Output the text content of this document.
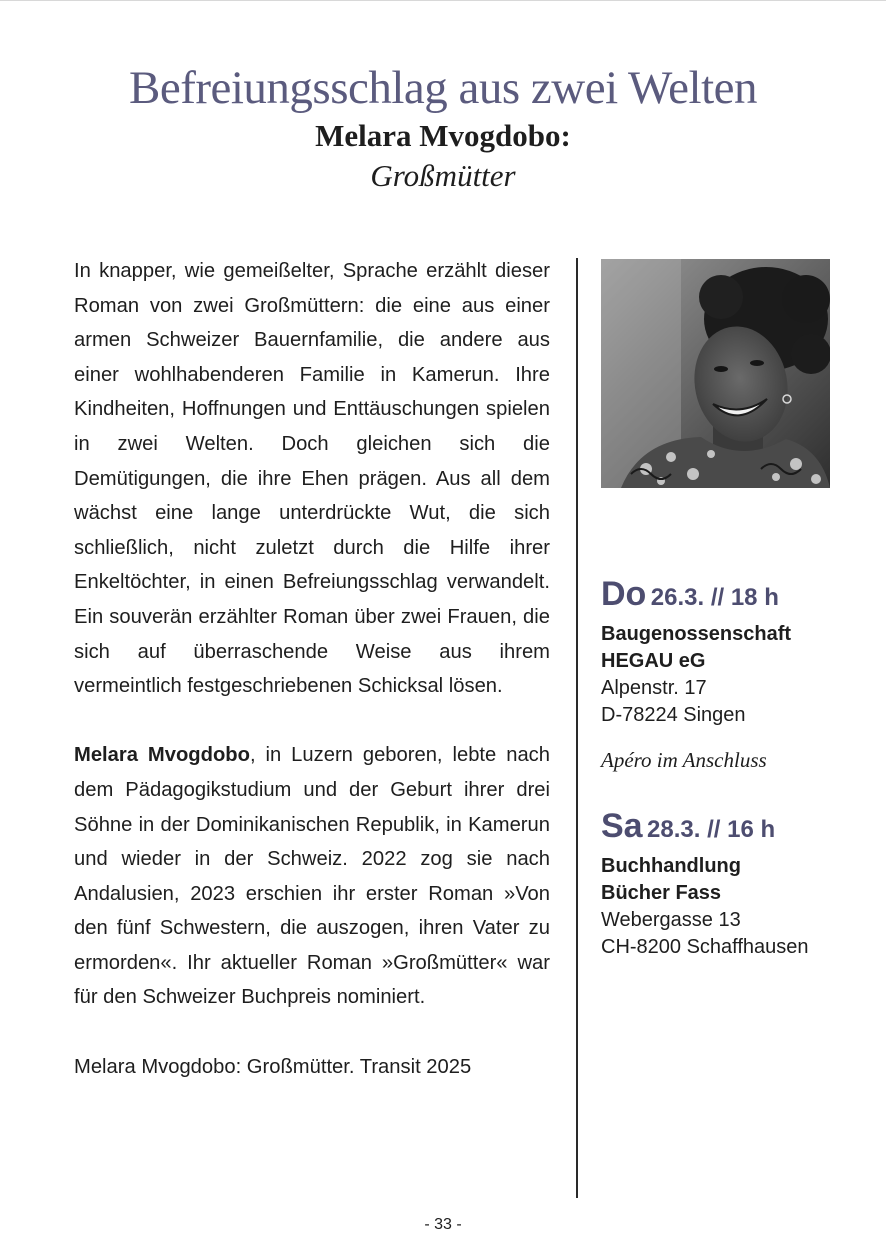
Befreiungsschlag aus zwei Welten
Melara Mvogdobo:
Großmütter

In knapper, wie gemeißelter, Sprache erzählt dieser Roman von zwei Großmüttern: die eine aus einer armen Schweizer Bauernfamilie, die andere aus einer wohlhabenderen Familie in Kamerun. Ihre Kindheiten, Hoffnungen und Enttäuschungen spielen in zwei Welten. Doch gleichen sich die Demütigungen, die ihre Ehen prägen. Aus all dem wächst eine lange unterdrückte Wut, die sich schließlich, nicht zuletzt durch die Hilfe ihrer Enkeltöchter, in einen Befreiungsschlag verwandelt. Ein souverän erzählter Roman über zwei Frauen, die sich auf überraschende Weise aus ihrem vermeintlich festgeschriebenen Schicksal lösen.

Melara Mvogdobo, in Luzern geboren, lebte nach dem Pädagogikstudium und der Geburt ihrer drei Söhne in der Dominikanischen Republik, in Kamerun und wieder in der Schweiz. 2022 zog sie nach Andalusien, 2023 erschien ihr erster Roman »Von den fünf Schwestern, die auszogen, ihren Vater zu ermorden«. Ihr aktueller Roman »Großmütter« war für den Schweizer Buchpreis nominiert.

Melara Mvogdobo: Großmütter. Transit 2025

Do 26.3. // 18 h

Baugenossenschaft

HEGAU eG

Alpenstr. 17

D-78224 Singen

Apéro im Anschluss

Sa 28.3. // 16 h

Buchhandlung

Bücher Fass

Webergasse 13

CH-8200 Schaffhausen

- 33 -
